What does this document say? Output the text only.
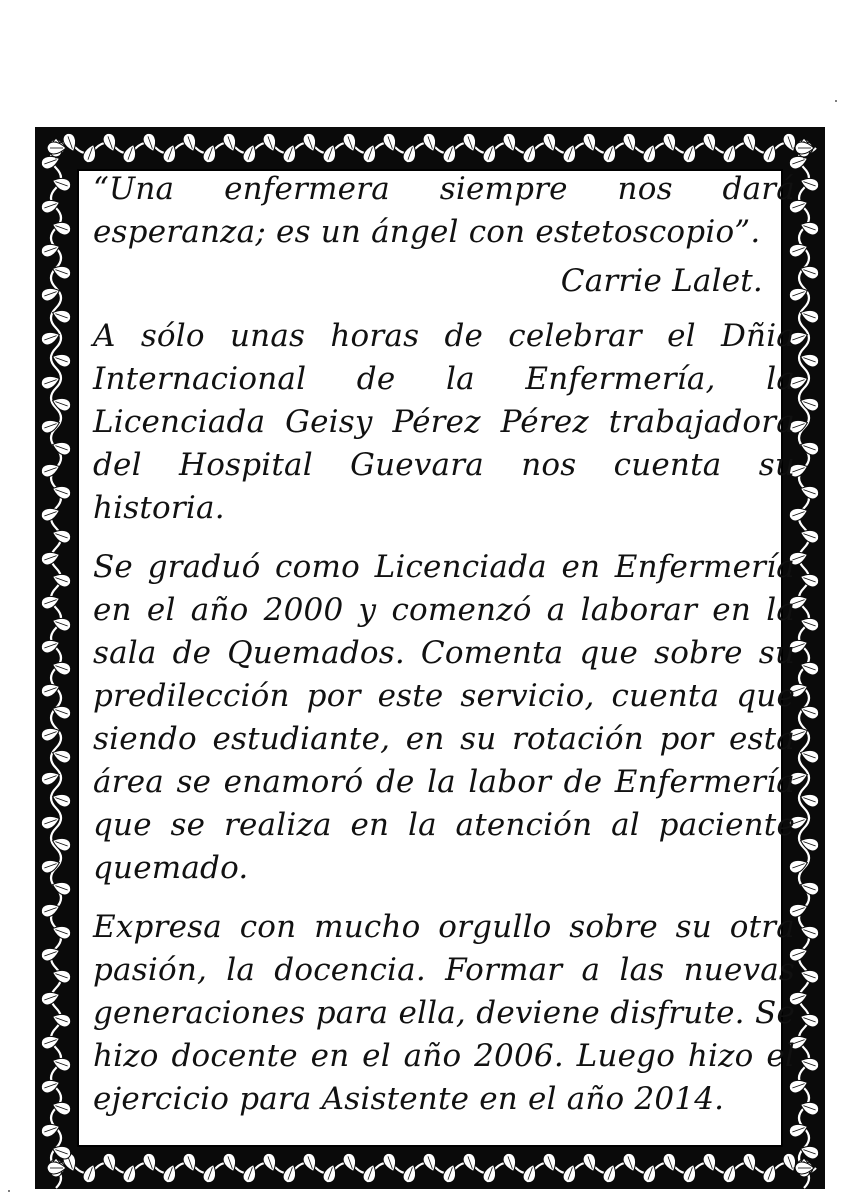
“Una enfermera siempre nos dará esperanza; es un ángel con estetoscopio”.

Carrie Lalet.

A sólo unas horas de celebrar el Dñia Internacional de la Enfermería, la Licenciada Geisy Pérez Pérez trabajadora del Hospital Guevara nos cuenta su historia.

Se graduó como Licenciada en Enfermería en el año 2000 y comenzó a laborar en la sala de Quemados. Comenta que sobre su predilección por este servicio, cuenta que siendo estudiante, en su rotación por esta área se enamoró de la labor de Enfermería que se realiza en la atención al paciente quemado.

Expresa con mucho orgullo sobre su otra pasión, la docencia. Formar a las nuevas generaciones para ella, deviene disfrute. Se hizo docente en el año 2006. Luego hizo el ejercicio para Asistente en el año 2014.
